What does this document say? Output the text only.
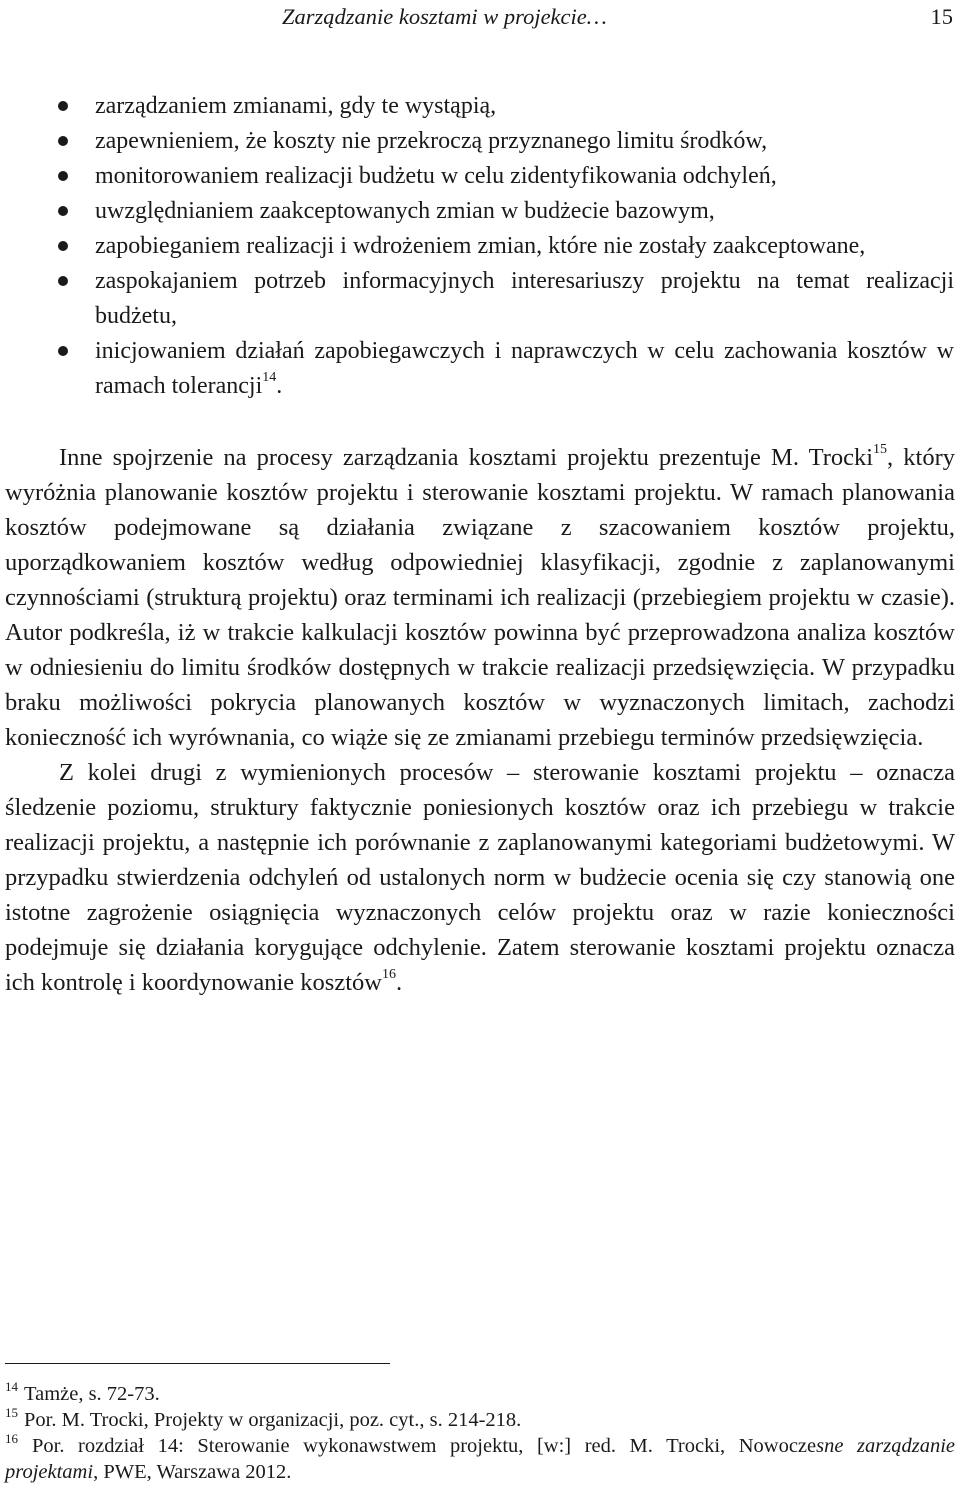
Zarządzanie kosztami w projekcie…	15
zarządzaniem zmianami, gdy te wystąpią,
zapewnieniem, że koszty nie przekroczą przyznanego limitu środków,
monitorowaniem realizacji budżetu w celu zidentyfikowania odchyleń,
uwzględnianiem zaakceptowanych zmian w budżecie bazowym,
zapobieganiem realizacji i wdrożeniem zmian, które nie zostały zaakceptowane,
zaspokajaniem potrzeb informacyjnych interesariuszy projektu na temat realizacji budżetu,
inicjowaniem działań zapobiegawczych i naprawczych w celu zachowania kosztów w ramach tolerancji$^{14}$.

Inne spojrzenie na procesy zarządzania kosztami projektu prezentuje M. Trocki$^{15}$, który wyróżnia planowanie kosztów projektu i sterowanie kosztami projektu. W ramach planowania kosztów podejmowane są działania związane z szacowaniem kosztów projektu, uporządkowaniem kosztów według odpowiedniej klasyfikacji, zgodnie z zaplanowanymi czynnościami (strukturą projektu) oraz terminami ich realizacji (przebiegiem projektu w czasie). Autor podkreśla, iż w trakcie kalkulacji kosztów powinna być przeprowadzona analiza kosztów w odniesieniu do limitu środków dostępnych w trakcie realizacji przedsięwzięcia. W przypadku braku możliwości pokrycia planowanych kosztów w wyznaczonych limitach, zachodzi konieczność ich wyrównania, co wiąże się ze zmianami przebiegu terminów przedsięwzięcia.

Z kolei drugi z wymienionych procesów – sterowanie kosztami projektu – oznacza śledzenie poziomu, struktury faktycznie poniesionych kosztów oraz ich przebiegu w trakcie realizacji projektu, a następnie ich porównanie z zaplanowanymi kategoriami budżetowymi. W przypadku stwierdzenia odchyleń od ustalonych norm w budżecie ocenia się czy stanowią one istotne zagrożenie osiągnięcia wyznaczonych celów projektu oraz w razie konieczności podejmuje się działania korygujące odchylenie. Zatem sterowanie kosztami projektu oznacza ich kontrolę i koordynowanie kosztów$^{16}$.

$^{14}$ Tamże, s. 72-73.
$^{15}$ Por. M. Trocki, Projekty w organizacji, poz. cyt., s. 214-218.
$^{16}$ Por. rozdział 14: Sterowanie wykonawstwem projektu, [w:] red. M. Trocki, Nowoczesne zarządzanie projektami, PWE, Warszawa 2012.
